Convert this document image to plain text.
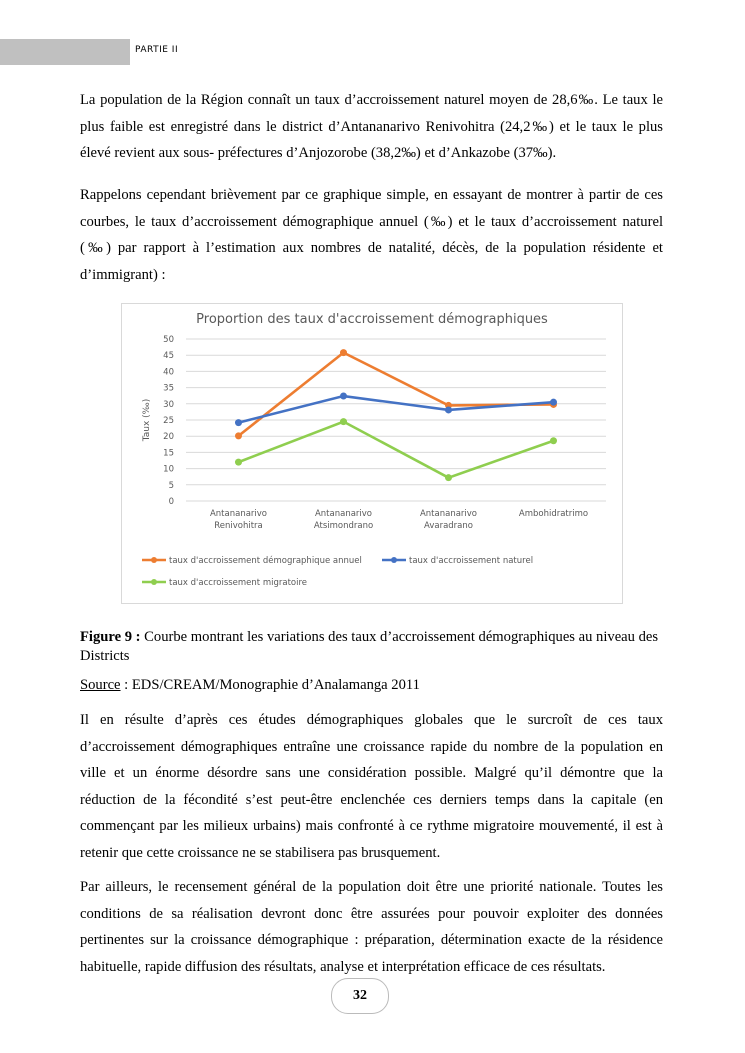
PARTIE II
La population de la Région connaît un taux d’accroissement naturel moyen de 28,6‰. Le taux le plus faible est enregistré dans le district d’Antananarivo Renivohitra (24,2‰) et le taux le plus élevé revient aux sous- préfectures d’Anjozorobe (38,2‰) et d’Ankazobe (37‰).
Rappelons cependant brièvement par ce graphique simple, en essayant de montrer à partir de ces courbes, le taux d’accroissement démographique annuel (‰) et le taux d’accroissement naturel (‰) par rapport à l’estimation aux nombres de natalité, décès, de la population résidente et d’immigrant) :
Proportion des taux d'accroissement démographiques
0
5
10
15
20
25
30
35
40
45
50
Taux (‰)
Antananarivo
Renivohitra
Antananarivo
Atsimondrano
Antananarivo
Avaradrano
Ambohidratrimo
taux d'accroissement démographique annuel	taux d'accroissement naturel
taux d'accroissement migratoire
Figure 9 : Courbe montrant les variations des taux d’accroissement démographiques au niveau des Districts
Source : EDS/CREAM/Monographie d’Analamanga 2011
Il en résulte d’après ces études démographiques globales que le surcroît de ces taux d’accroissement démographiques entraîne une croissance rapide du nombre de la population en ville et un énorme désordre sans une considération possible. Malgré qu’il démontre que la réduction de la fécondité s’est peut-être enclenchée ces derniers temps dans la capitale (en commençant par les milieux urbains) mais confronté à ce rythme migratoire mouvementé, il est à retenir que cette croissance ne se stabilisera pas brusquement.
Par ailleurs, le recensement général de la population doit être une priorité nationale. Toutes les conditions de sa réalisation devront donc être assurées pour pouvoir exploiter des données pertinentes sur la croissance démographique : préparation, détermination exacte de la résidence habituelle, rapide diffusion des résultats, analyse et interprétation efficace de ces résultats.
32
